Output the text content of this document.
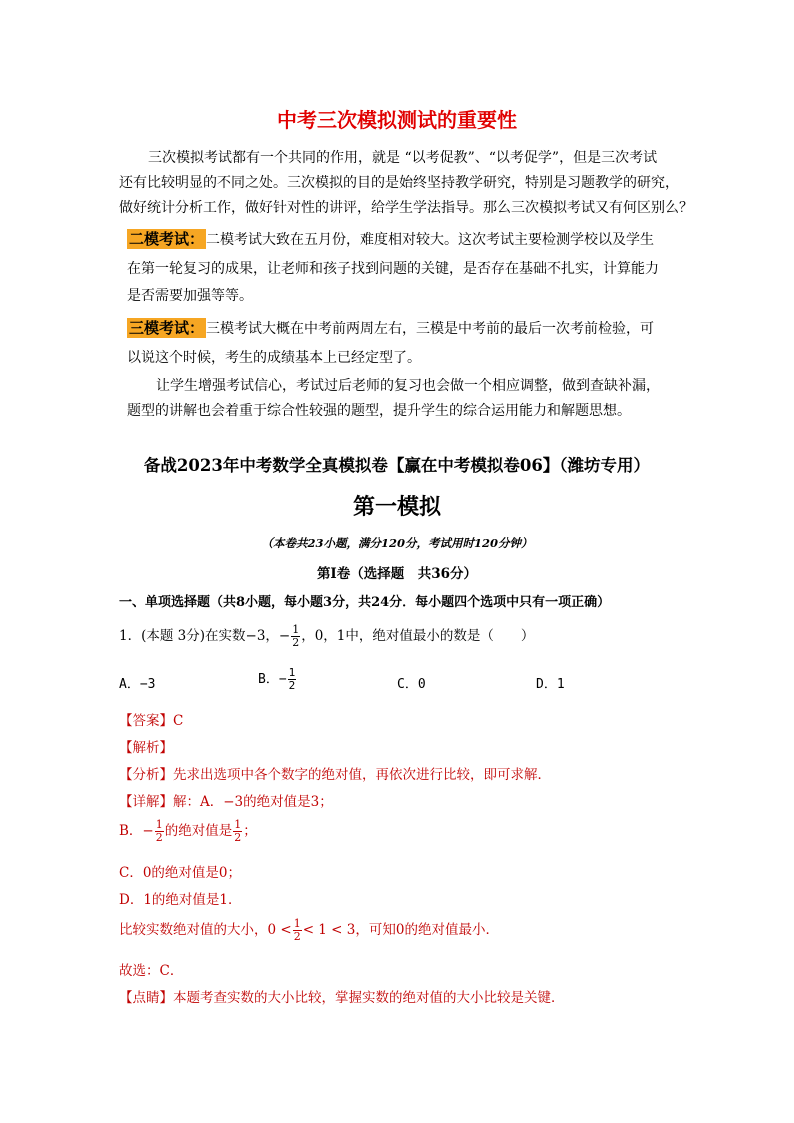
中考三次模拟测试的重要性
三次模拟考试都有一个共同的作用，就是 “以考促教”、“以考促学”，但是三次考试
还有比较明显的不同之处。三次模拟的目的是始终坚持教学研究，特别是习题教学的研究，
做好统计分析工作，做好针对性的讲评，给学生学法指导。那么三次模拟考试又有何区别么？
二模考试： 二模考试大致在五月份，难度相对较大。这次考试主要检测学校以及学生
在第一轮复习的成果，让老师和孩子找到问题的关键，是否存在基础不扎实，计算能力
是否需要加强等等。
三模考试： 三模考试大概在中考前两周左右，三模是中考前的最后一次考前检验，可
以说这个时候，考生的成绩基本上已经定型了。
让学生增强考试信心，考试过后老师的复习也会做一个相应调整，做到查缺补漏，
题型的讲解也会着重于综合性较强的题型，提升学生的综合运用能力和解题思想。
备战2023年中考数学全真模拟卷【赢在中考模拟卷06】（潍坊专用）
第一模拟
（本卷共23小题，满分120分，考试用时120分钟）
第Ⅰ卷（选择题　共36分）
一、单项选择题（共8小题，每小题3分，共24分．每小题四个选项中只有一项正确）
1．(本题 3分)在实数−3，− $\frac{1}{2}$ ，0，1中，绝对值最小的数是（　　）
A．−3	B．− $\frac{1}{2}$	C．0	D．1
【答案】C
【解析】
【分析】先求出选项中各个数字的绝对值，再依次进行比较，即可求解．
【详解】解：A．−3的绝对值是3；
B．− $\frac{1}{2}$ 的绝对值是 $\frac{1}{2}$ ；
C．0的绝对值是0；
D．1的绝对值是1．
比较实数绝对值的大小，$0 < \frac{1}{2} < 1 < 3$，可知0的绝对值最小．
故选：C．
【点睛】本题考查实数的大小比较，掌握实数的绝对值的大小比较是关键．
